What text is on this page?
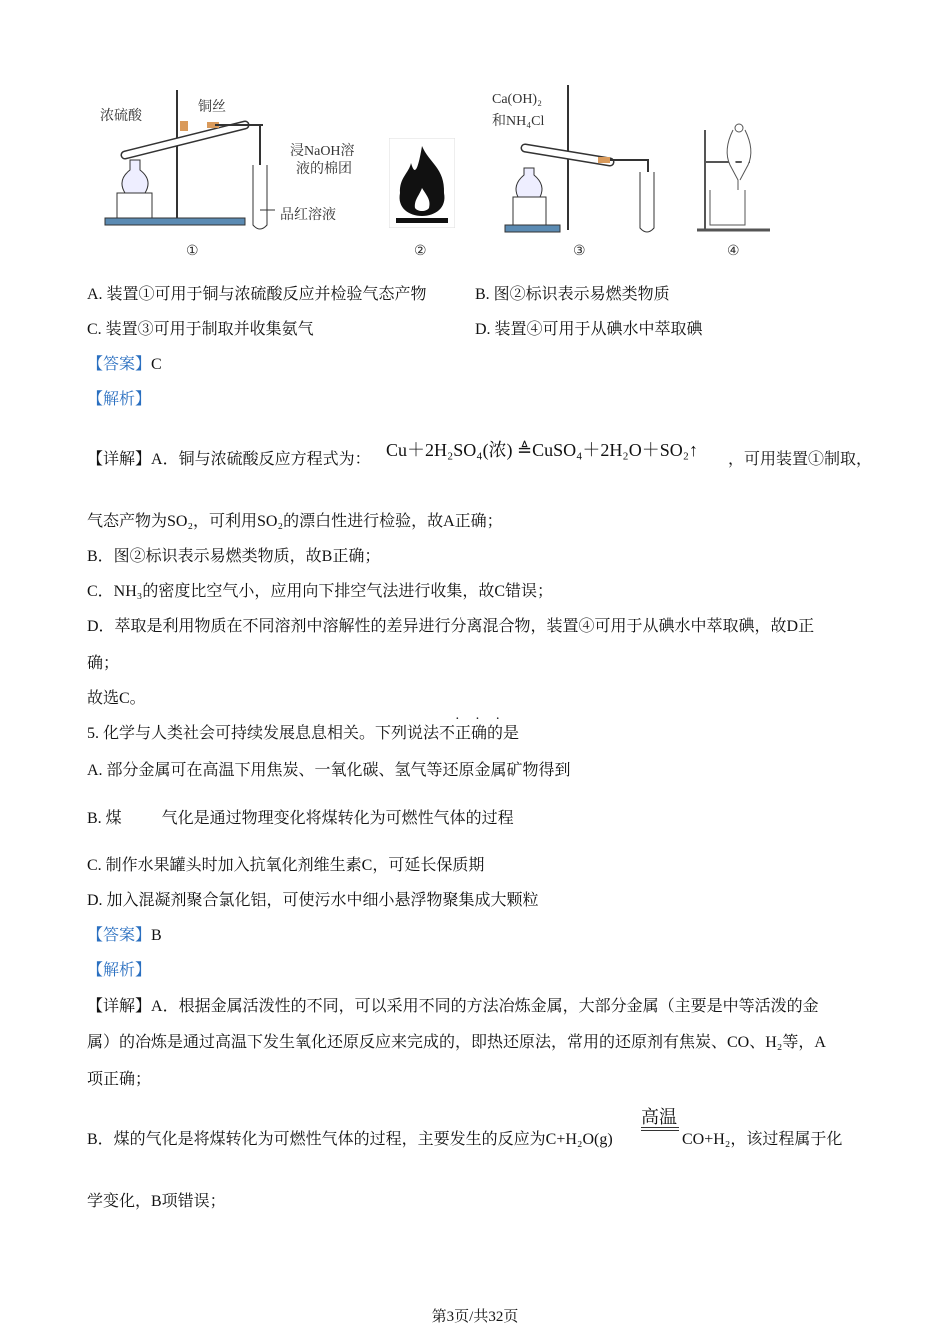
浓硫酸
铜丝
浸NaOH溶
液的棉团
品红溶液
①	②
Ca(OH)₂
和NH₄Cl
③	④
A. 装置①可用于铜与浓硫酸反应并检验气态产物	B. 图②标识表示易燃类物质
C. 装置③可用于制取并收集氨气	D. 装置④可用于从碘水中萃取碘
【答案】C
【解析】
【详解】A．铜与浓硫酸反应方程式为： Cu＋2H₂SO₄(浓) ≜CuSO₄＋2H₂O＋SO₂↑ ，可用装置①制取，
气态产物为SO₂，可利用SO₂的漂白性进行检验，故A正确；
B．图②标识表示易燃类物质，故B正确；
C．NH₃的密度比空气小，应用向下排空气法进行收集，故C错误；
D．萃取是利用物质在不同溶剂中溶解性的差异进行分离混合物，装置④可用于从碘水中萃取碘，故D正
确；
故选C。
· · ·
5. 化学与人类社会可持续发展息息相关。下列说法不正确的是
A. 部分金属可在高温下用焦炭、一氧化碳、氢气等还原金属矿物得到
B. 煤          气化是通过物理变化将煤转化为可燃性气体的过程
C. 制作水果罐头时加入抗氧化剂维生素C，可延长保质期
D. 加入混凝剂聚合氯化铝，可使污水中细小悬浮物聚集成大颗粒
【答案】B
【解析】
【详解】A．根据金属活泼性的不同，可以采用不同的方法冶炼金属，大部分金属（主要是中等活泼的金
属）的冶炼是通过高温下发生氧化还原反应来完成的，即热还原法，常用的还原剂有焦炭、CO、H₂等，A
项正确；
B．煤的气化是将煤转化为可燃性气体的过程，主要发生的反应为C+H₂O(g)
高温
CO+H₂，该过程属于化
学变化，B项错误；
第3页/共32页
